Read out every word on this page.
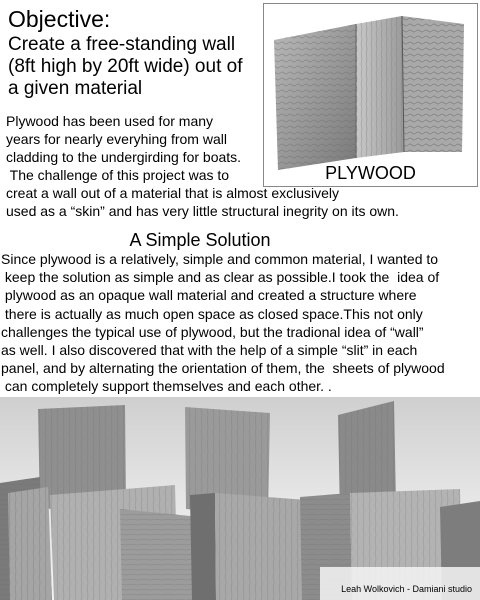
Objective:
Create a free-standing wall (8ft high by 20ft wide) out of a given material
PLYWOOD
Plywood has been used for many
years for nearly everyhing from wall
cladding to the undergirding for boats.
The challenge of this project was to
creat a wall out of a material that is almost exclusively
used as a “skin” and has very little structural inegrity on its own.
A Simple Solution
Since plywood is a relatively, simple and common material, I wanted to
keep the solution as simple and as clear as possible.I took the  idea of
plywood as an opaque wall material and created a structure where
there is actually as much open space as closed space.This not only
challenges the typical use of plywood, but the tradional idea of “wall”
as well. I also discovered that with the help of a simple “slit” in each
panel, and by alternating the orientation of them, the  sheets of plywood
can completely support themselves and each other. .
Leah Wolkovich - Damiani studio
